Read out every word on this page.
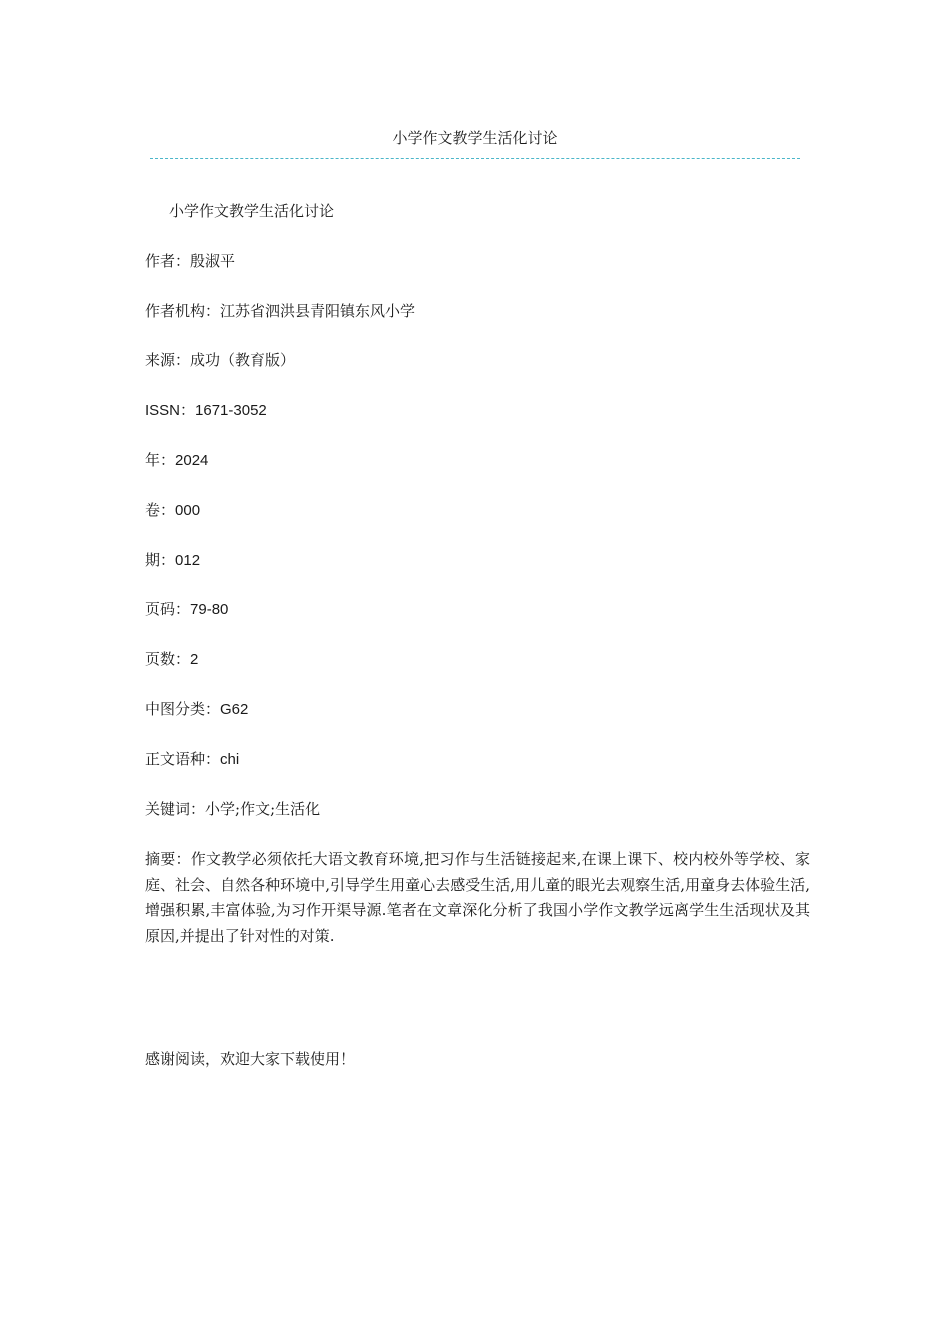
小学作文教学生活化讨论
小学作文教学生活化讨论
作者：殷淑平
作者机构：江苏省泗洪县青阳镇东风小学
来源：成功（教育版）
ISSN：1671-3052
年：2024
卷：000
期：012
页码：79-80
页数：2
中图分类：G62
正文语种：chi
关键词：小学;作文;生活化

摘要：作文教学必须依托大语文教育环境,把习作与生活链接起来,在课上课下、校内校外等学校、家庭、社会、自然各种环境中,引导学生用童心去感受生活,用儿童的眼光去观察生活,用童身去体验生活,增强积累,丰富体验,为习作开渠导源.笔者在文章深化分析了我国小学作文教学远离学生生活现状及其原因,并提出了针对性的对策.

感谢阅读，欢迎大家下载使用！
